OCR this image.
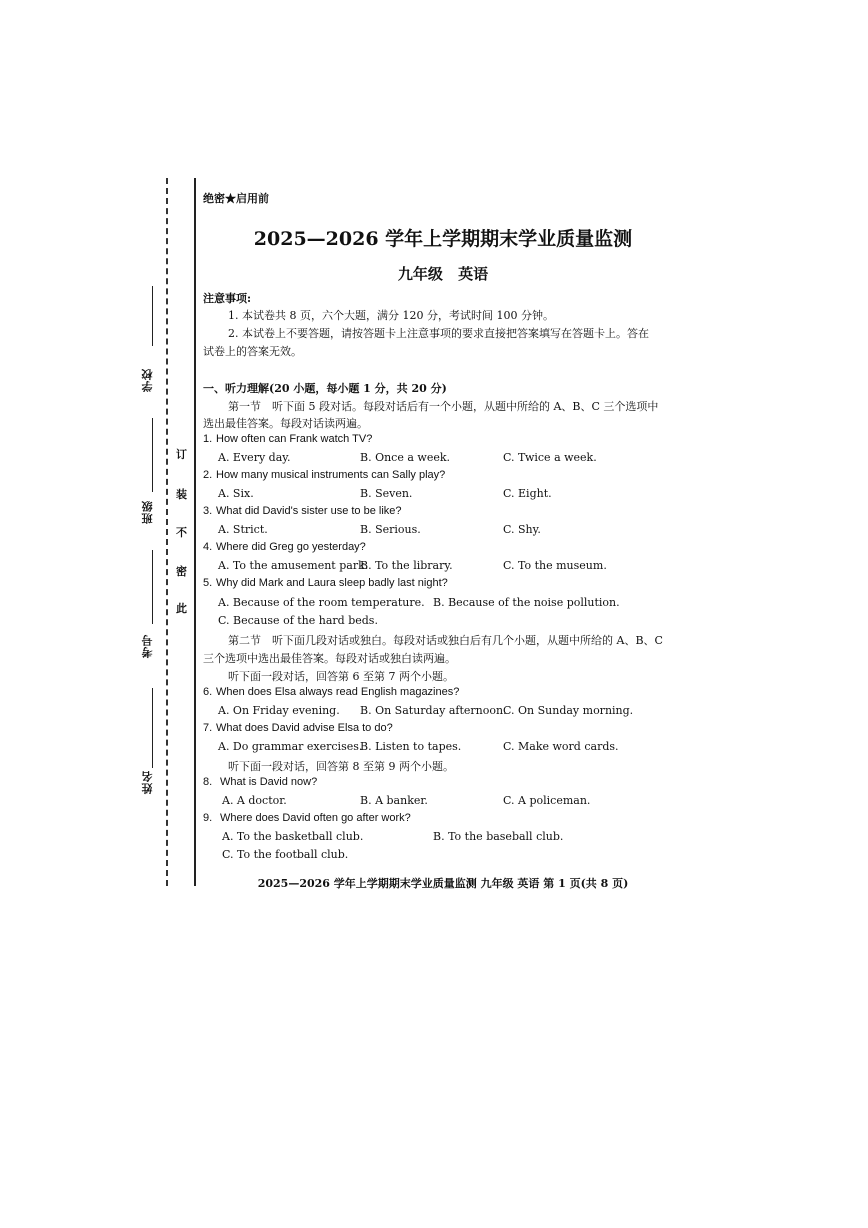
学校
班级
考号
姓名
订
装
不
密
此
绝密★启用前
2025—2026 学年上学期期末学业质量监测
九年级 英语
注意事项:
1. 本试卷共 8 页，六个大题，满分 120 分，考试时间 100 分钟。
2. 本试卷上不要答题，请按答题卡上注意事项的要求直接把答案填写在答题卡上。答在
试卷上的答案无效。
一、听力理解(20 小题，每小题 1 分，共 20 分)
第一节　听下面 5 段对话。每段对话后有一个小题，从题中所给的 A、B、C 三个选项中
选出最佳答案。每段对话读两遍。
1. How often can Frank watch TV?
A. Every day.	B. Once a week.	C. Twice a week.
2. How many musical instruments can Sally play?
A. Six.	B. Seven.	C. Eight.
3. What did David's sister use to be like?
A. Strict.	B. Serious.	C. Shy.
4. Where did Greg go yesterday?
A. To the amusement park.
B. To the library.	C. To the museum.
5. Why did Mark and Laura sleep badly last night?
A. Because of the room temperature. B. Because of the noise pollution.
C. Because of the hard beds.
第二节　听下面几段对话或独白。每段对话或独白后有几个小题，从题中所给的 A、B、C
三个选项中选出最佳答案。每段对话或独白读两遍。
听下面一段对话，回答第 6 至第 7 两个小题。
6. When does Elsa always read English magazines?
A. On Friday evening. B. On Saturday afternoon.
C. On Sunday morning.
7. What does David advise Elsa to do?
A. Do grammar exercises.
B. Listen to tapes.	C. Make word cards.
听下面一段对话，回答第 8 至第 9 两个小题。
8. What is David now?
A. A doctor.	B. A banker.	C. A policeman.
9. Where does David often go after work?
A. To the basketball club.	B. To the baseball club.
C. To the football club.
2025—2026 学年上学期期末学业质量监测 九年级 英语 第 1 页(共 8 页)
